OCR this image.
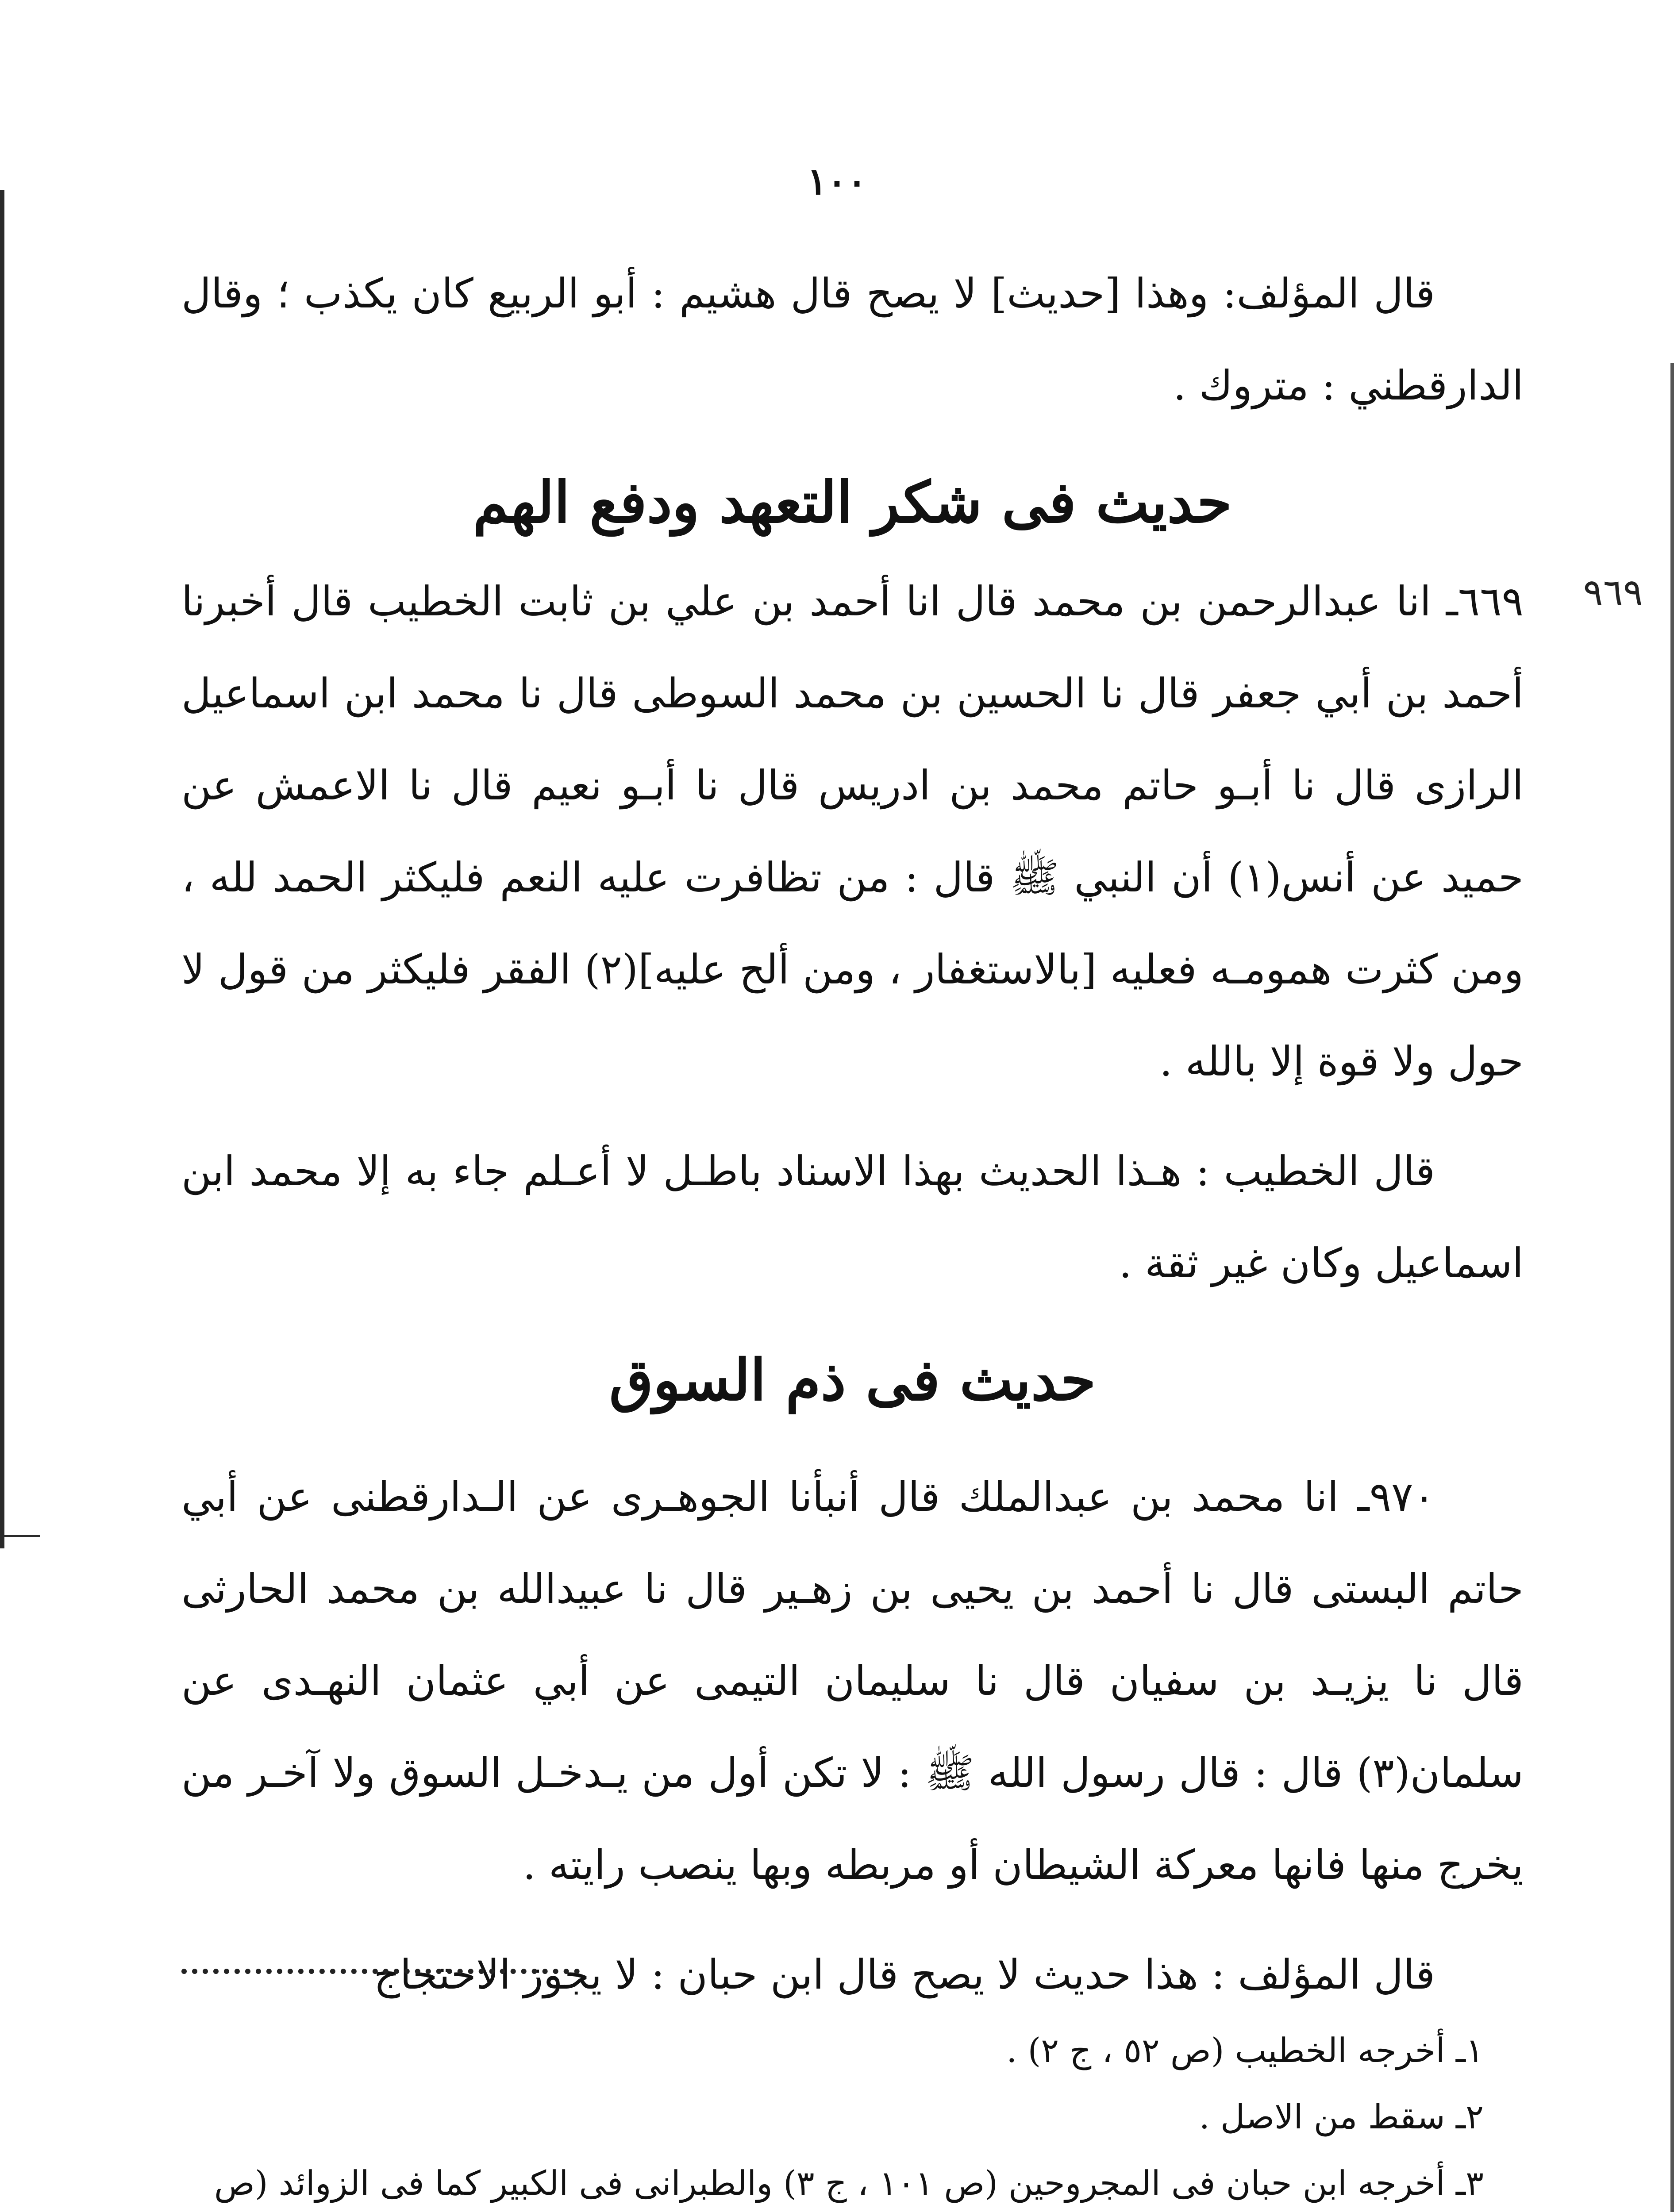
١٠٠
٩٦٩

قال المؤلف: وهذا [حديث] لا يصح قال هشيم : أبو الربيع كان يكذب ؛ وقال الدارقطني : متروك .

حديث فى شكر التعهد ودفع الهم

٦٦٩ـ انا عبدالرحمن بن محمد قال انا أحمد بن علي بن ثابت الخطيب قال أخبرنا أحمد بن أبي جعفر قال نا الحسين بن محمد السوطى قال نا محمد ابن اسماعيل الرازى قال نا أبـو حاتم محمد بن ادريس قال نا أبـو نعيم قال نا الاعمش عن حميد عن أنس(١) أن النبي ﷺ قال : من تظافرت عليه النعم فليكثر الحمد لله ، ومن كثرت همومـه فعليه [بالاستغفار ، ومن ألح عليه](٢) الفقر فليكثر من قول لا حول ولا قوة إلا بالله .

قال الخطيب : هـذا الحديث بهذا الاسناد باطـل لا أعـلم جاء به إلا محمد ابن اسماعيل وكان غير ثقة .

حديث فى ذم السوق

٩٧٠ـ انا محمد بن عبدالملك قال أنبأنا الجوهـرى عن الـدارقطنى عن أبي حاتم البستى قال نا أحمد بن يحيى بن زهـير قال نا عبيدالله بن محمد الحارثى قال نا يزيـد بن سفيان قال نا سليمان التيمى عن أبي عثمان النهـدى عن سلمان(٣) قال : قال رسول الله ﷺ : لا تكن أول من يـدخـل السوق ولا آخـر من يخرج منها فانها معركة الشيطان أو مربطه وبها ينصب رايته .

قال المؤلف : هذا حديث لا يصح قال ابن حبان : لا يجوز الاحتجاج

١ـ أخرجه الخطيب (ص ٥٢ ، ج ٢) .

٢ـ سقط من الاصل .

٣ـ أخرجه ابن حبان فى المجروحين (ص ١٠١ ، ج ٣) والطبرانى فى الكبير كما فى الزوائد (ص
